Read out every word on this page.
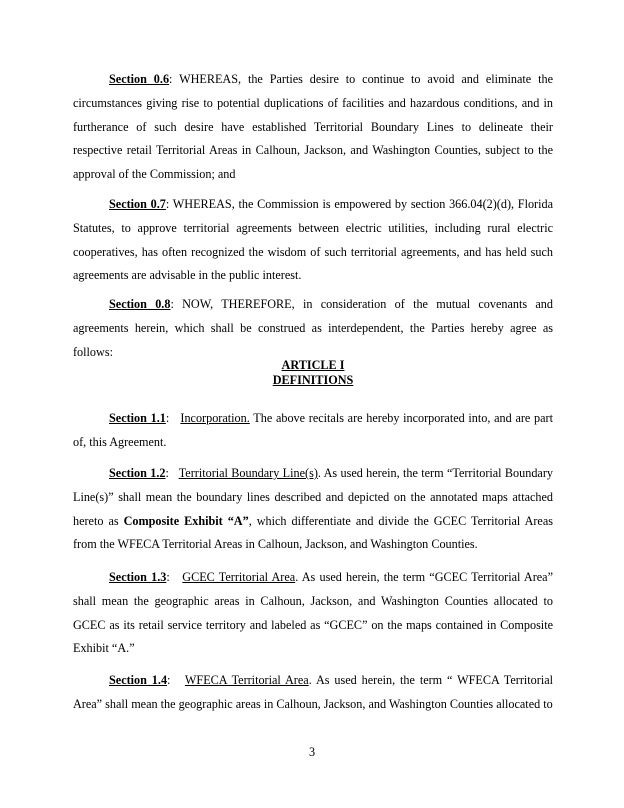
Section 0.6: WHEREAS, the Parties desire to continue to avoid and eliminate the circumstances giving rise to potential duplications of facilities and hazardous conditions, and in furtherance of such desire have established Territorial Boundary Lines to delineate their respective retail Territorial Areas in Calhoun, Jackson, and Washington Counties, subject to the approval of the Commission; and

Section 0.7: WHEREAS, the Commission is empowered by section 366.04(2)(d), Florida Statutes, to approve territorial agreements between electric utilities, including rural electric cooperatives, has often recognized the wisdom of such territorial agreements, and has held such agreements are advisable in the public interest.

Section 0.8: NOW, THEREFORE, in consideration of the mutual covenants and agreements herein, which shall be construed as interdependent, the Parties hereby agree as follows:

ARTICLE I

DEFINITIONS

Section 1.1:   Incorporation. The above recitals are hereby incorporated into, and are part of, this Agreement.

Section 1.2:   Territorial Boundary Line(s). As used herein, the term “Territorial Boundary Line(s)” shall mean the boundary lines described and depicted on the annotated maps attached hereto as Composite Exhibit “A”, which differentiate and divide the GCEC Territorial Areas from the WFECA Territorial Areas in Calhoun, Jackson, and Washington Counties.

Section 1.3:   GCEC Territorial Area. As used herein, the term “GCEC Territorial Area” shall mean the geographic areas in Calhoun, Jackson, and Washington Counties allocated to GCEC as its retail service territory and labeled as “GCEC” on the maps contained in Composite Exhibit “A.”

Section 1.4:   WFECA Territorial Area. As used herein, the term “ WFECA Territorial Area” shall mean the geographic areas in Calhoun, Jackson, and Washington Counties allocated to

3
